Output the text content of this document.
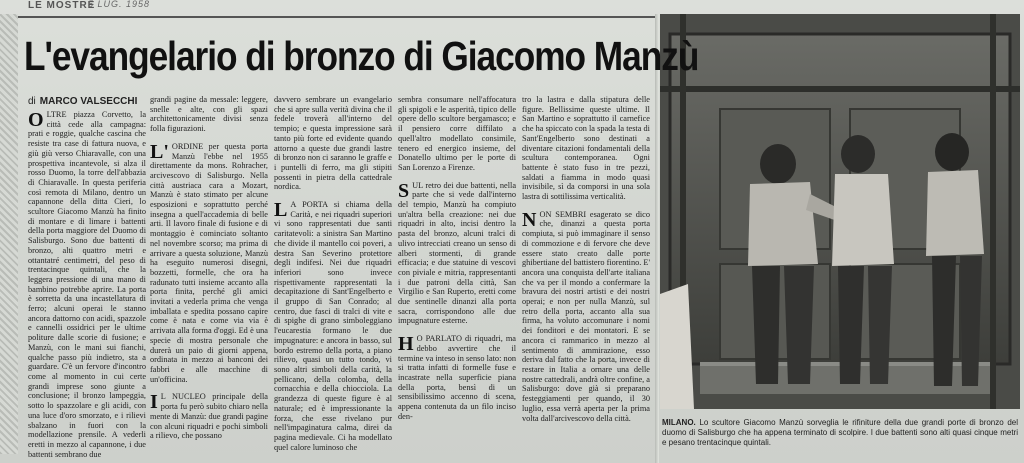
LE MOSTRE
5 LUG. 1958
L'evangelario di bronzo di Giacomo Manzù
di MARCO VALSECCHI

OLTRE piazza Corvetto, la città cede alla campagna: prati e roggie, qualche cascina che resiste tra case di fattura nuova, e giù giù verso Chiaravalle, con una prospettiva incantevole, si alza il rosso Duomo, la torre dell'abbazia di Chiaravalle. In questa periferia così remota di Milano, dentro un capannone della ditta Cieri, lo scultore Giacomo Manzù ha finito di montare e di limare i battenti della porta maggiore del Duomo di Salisburgo. Sono due battenti di bronzo, alti quattro metri e ottantatré centimetri, del peso di trentacinque quintali, che la leggera pressione di una mano di bambino potrebbe aprire. La porta è sorretta da una incastellatura di ferro; alcuni operai le stanno ancora dattorno con acidi, spazzole e cannelli ossidrici per le ultime politure dalle scorie di fusione; e Manzù, con le mani sui fianchi, qualche passo più indietro, sta a guardare. C'è un fervore d'incontro come al momento in cui certe grandi imprese sono giunte a conclusione; il bronzo lampeggia, sotto lo spazzolare e gli acidi, con una luce d'oro smorzato, e i rilievi sbalzano in fuori con la modellazione prensile. A vederli eretti in mezzo al capannone, i due battenti sembrano due

grandi pagine da messale: leggere, snelle e alte, con gli spazi architettonicamente divisi senza folla figurazioni.

L' ORDINE per questa porta Manzù l'ebbe nel 1955 direttamente da mons. Rohracher, arcivescovo di Salisburgo. Nella città austriaca cara a Mozart, Manzù è stato stimato per alcune esposizioni e soprattutto perché insegna a quell'accademia di belle arti. Il lavoro finale di fusione e di montaggio è cominciato soltanto nel novembre scorso; ma prima di arrivare a questa soluzione, Manzù ha eseguito numerosi disegni, bozzetti, formelle, che ora ha radunato tutti insieme accanto alla porta finita, perché gli amici invitati a vederla prima che venga imballata e spedita possano capire come è nata e come via via è arrivata alla forma d'oggi. Ed è una specie di mostra personale che durerà un paio di giorni appena, ordinata in mezzo ai banconi dei fabbri e alle macchine di un'officina.

I L NUCLEO principale della porta fu però subito chiaro nella mente di Manzù: due grandi pagine con alcuni riquadri e pochi simboli a rilievo, che possano

davvero sembrare un evangelario che si apre sulla verità divina che il fedele troverà all'interno del tempio; e questa impressione sarà tanto più forte ed evidente quando attorno a queste due grandi lastre di bronzo non ci saranno le graffe e i puntelli di ferro, ma gli stipiti possenti in pietra della cattedrale nordica.

L A PORTA si chiama della Carità, e nei riquadri superiori vi sono rappresentati due santi caritatevoli: a sinistra San Martino che divide il mantello coi poveri, a destra San Severino protettore degli indifesi. Nei due riquadri inferiori sono invece rispettivamente rappresentati la decapitazione di Sant'Engelberto e il gruppo di San Conrado; al centro, due fasci di tralci di vite e di spighe di grano simboleggiano l'eucarestia formano le due impugnature: e ancora in basso, sul bordo estremo della porta, a piano rilievo, quasi un tutto tondo, vi sono altri simboli della carità, la pellicano, della colomba, della cornacchia e della chiocciola. La grandezza di queste figure è al naturale; ed è impressionante la forza, che esse rivelano pur nell'impaginatura calma, direi da pagina medievale. Ci ha modellato quel calore luminoso che

sembra consumare nell'affocatura gli spigoli e le asperità, tipico delle opere dello scultore bergamasco; e il pensiero corre diffilato a quell'altro modellato consimile, tenero ed energico insieme, del Donatello ultimo per le porte di San Lorenzo a Firenze.

SUL retro dei due battenti, nella parte che si vede dall'interno del tempio, Manzù ha compiuto un'altra bella creazione: nei due riquadri in alto, incisi dentro la pasta del bronzo, alcuni tralci di ulivo intrecciati creano un senso di alberi stormenti, di grande efficacia; e due statuine di vescovi con piviale e mitria, rappresentanti i due patroni della città, San Virgilio e San Ruperto, eretti come due sentinelle dinanzi alla porta sacra, corrispondono alle due impugnature esterne.

H O PARLATO di riquadri, ma debbo avvertire che il termine va inteso in senso lato: non si tratta infatti di formelle fuse e incastrate nella superficie piana della porta, bensì di un sensibilissimo accenno di scena, appena contenuta da un filo inciso den-

tro la lastra e dalla stipatura delle figure. Bellissime queste ultime. Il San Martino e soprattutto il carnefice che ha spiccato con la spada la testa di Sant'Engelberto sono destinati a diventare citazioni fondamentali della scultura contemporanea. Ogni battente è stato fuso in tre pezzi, saldati a fiamma in modo quasi invisibile, sì da comporsi in una sola lastra di sottilissima verticalità.

NON SEMBRI esagerato se dico che, dinanzi a questa porta compiuta, si può immaginare il senso di commozione e di fervore che deve essere stato creato dalle porte ghibertiane del battistero fiorentino. E' ancora una conquista dell'arte italiana che va per il mondo a confermare la bravura dei nostri artisti e dei nostri operai; e non per nulla Manzù, sul retro della porta, accanto alla sua firma, ha voluto accomunare i nomi dei fonditori e dei montatori. E se ancora ci rammarico in mezzo al sentimento di ammirazione, esso deriva dal fatto che la porta, invece di restare in Italia a ornare una delle nostre cattedrali, andrà oltre confine, a Salisburgo: dove già si preparano festeggiamenti per quando, il 30 luglio, essa verrà aperta per la prima volta dall'arcivescovo della città.	MILANO. Lo scultore Giacomo Manzù sorveglia le rifiniture della due grandi porte di bronzo del duomo di Salisburgo che ha appena terminato di scolpire. I due battenti sono alti quasi cinque metri e pesano trentacinque quintali.
